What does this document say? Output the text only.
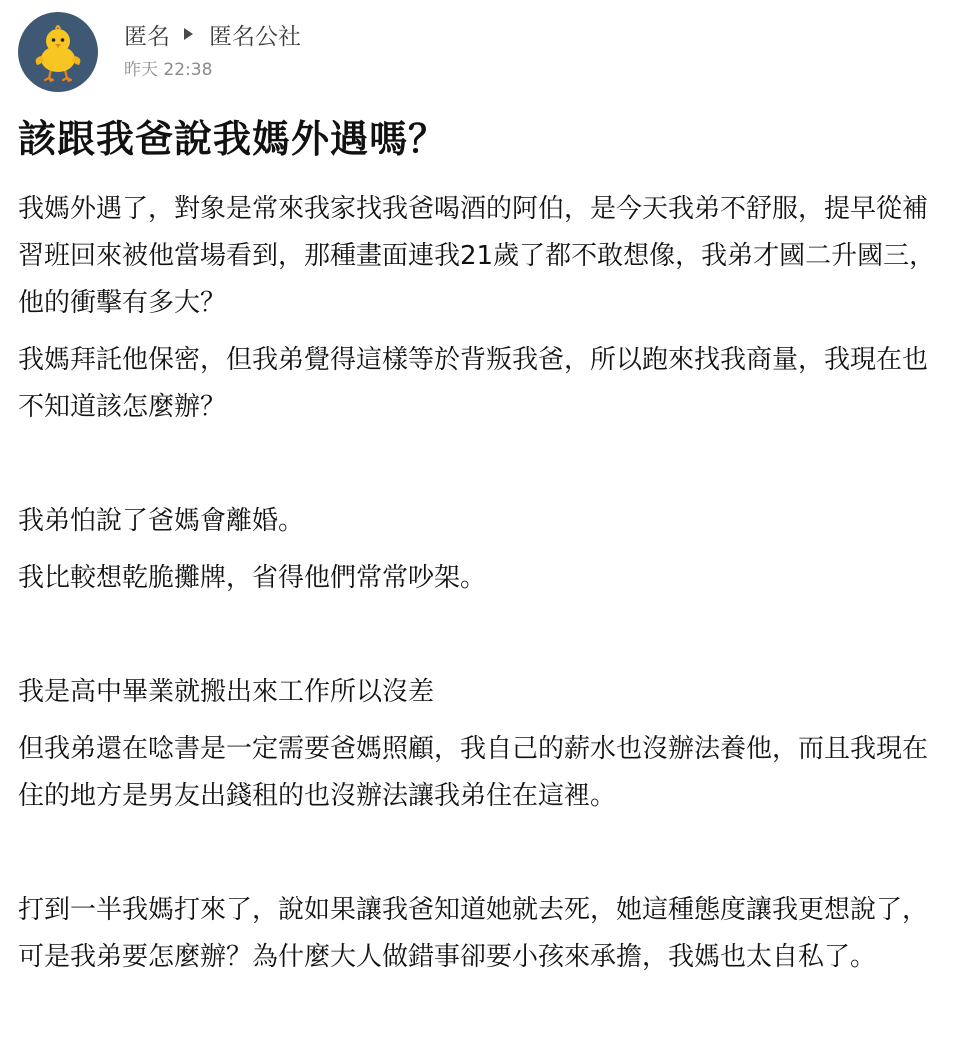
匿名 匿名公社
昨天 22:38
該跟我爸說我媽外遇嗎？

我媽外遇了，對象是常來我家找我爸喝酒的阿伯，是今天我弟不舒服，提早從補習班回來被他當場看到，那種畫面連我21歲了都不敢想像，我弟才國二升國三，他的衝擊有多大？

我媽拜託他保密，但我弟覺得這樣等於背叛我爸，所以跑來找我商量，我現在也不知道該怎麼辦？

我弟怕說了爸媽會離婚。

我比較想乾脆攤牌，省得他們常常吵架。

我是高中畢業就搬出來工作所以沒差

但我弟還在唸書是一定需要爸媽照顧，我自己的薪水也沒辦法養他，而且我現在住的地方是男友出錢租的也沒辦法讓我弟住在這裡。

打到一半我媽打來了，說如果讓我爸知道她就去死，她這種態度讓我更想說了，可是我弟要怎麼辦？為什麼大人做錯事卻要小孩來承擔，我媽也太自私了。
